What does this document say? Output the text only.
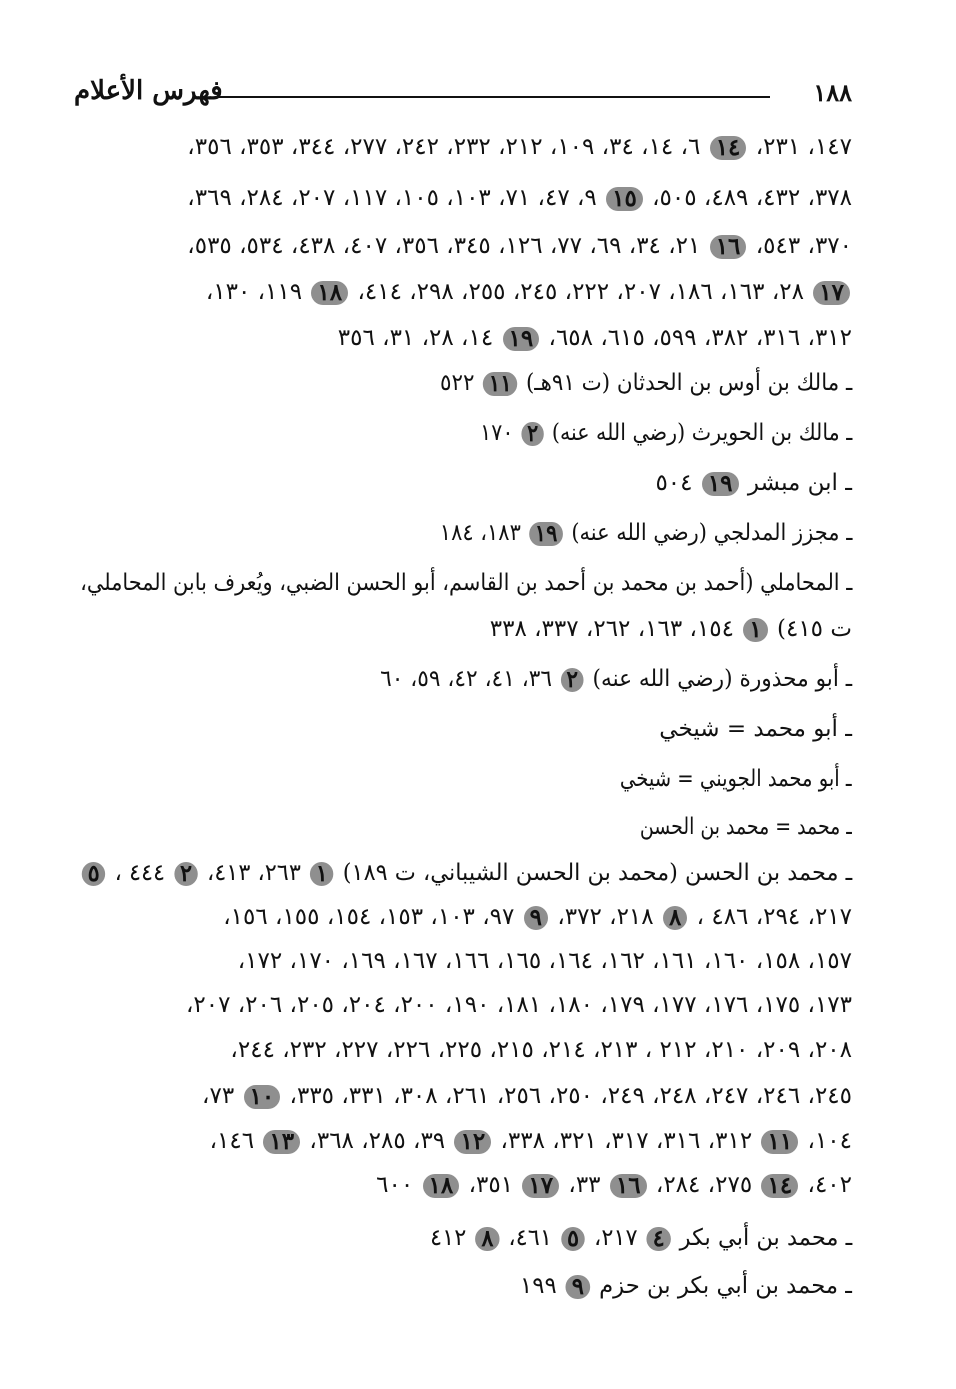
١٨٨
فهرس الأعلام
١٤٧، ٢٣١، ١٤ ٦، ١٤، ٣٤، ١٠٩، ٢١٢، ٢٣٢، ٢٤٢، ٢٧٧، ٣٤٤، ٣٥٣، ٣٥٦،
٣٧٨، ٤٣٢، ٤٨٩، ٥٠٥، ١٥ ٩، ٤٧، ٧١، ١٠٣، ١٠٥، ١١٧، ٢٠٧، ٢٨٤، ٣٦٩،
٣٧٠، ٥٤٣، ١٦ ٢١، ٣٤، ٦٩، ٧٧، ١٢٦، ٣٤٥، ٣٥٦، ٤٠٧، ٤٣٨، ٥٣٤، ٥٣٥،
١٧ ٢٨، ١٦٣، ١٨٦، ٢٠٧، ٢٢٢، ٢٤٥، ٢٥٥، ٢٩٨، ٤١٤، ١٨ ١١٩، ١٣٠،
٣١٢، ٣١٦، ٣٨٢، ٥٩٩، ٦١٥، ٦٥٨، ١٩ ١٤، ٢٨، ٣١، ٣٥٦
ـ مالك بن أوس بن الحدثان (ت ٩١هـ) ١١ ٥٢٢
ـ مالك بن الحويرث (رضي الله عنه) ٢ ١٧٠
ـ ابن مبشر ١٩ ٥٠٤
ـ مجزز المدلجي (رضي الله عنه) ١٩ ١٨٣، ١٨٤
ـ المحاملي (أحمد بن محمد بن أحمد بن القاسم، أبو الحسن الضبي، ويُعرف بابن المحاملي،
ت ٤١٥) ١ ١٥٤، ١٦٣، ٢٦٢، ٣٣٧، ٣٣٨
ـ أبو محذورة (رضي الله عنه) ٢ ٣٦، ٤١، ٤٢، ٥٩، ٦٠
ـ أبو محمد = شيخي
ـ أبو محمد الجويني = شيخي
ـ محمد = محمد بن الحسن
ـ محمد بن الحسن (محمد بن الحسن الشيباني، ت ١٨٩) ١ ٢٦٣، ٤١٣، ٢ ٤٤٤ ، ٥
٢١٧، ٢٩٤، ٤٨٦ ، ٨ ٢١٨، ٣٧٢، ٩ ٩٧، ١٠٣، ١٥٣، ١٥٤، ١٥٥، ١٥٦،
١٥٧، ١٥٨، ١٦٠، ١٦١، ١٦٢، ١٦٤، ١٦٥، ١٦٦، ١٦٧، ١٦٩، ١٧٠، ١٧٢،
١٧٣، ١٧٥، ١٧٦، ١٧٧، ١٧٩، ١٨٠، ١٨١، ١٩٠، ٢٠٠، ٢٠٤، ٢٠٥، ٢٠٦، ٢٠٧،
٢٠٨، ٢٠٩، ٢١٠، ٢١٢ ، ٢١٣، ٢١٤، ٢١٥، ٢٢٥، ٢٢٦، ٢٢٧، ٢٣٢، ٢٤٤،
٢٤٥، ٢٤٦، ٢٤٧، ٢٤٨، ٢٤٩، ٢٥٠، ٢٥٦، ٢٦١، ٣٠٨، ٣٣١، ٣٣٥، ١٠ ٧٣،
١٠٤، ١١ ٣١٢، ٣١٦، ٣١٧، ٣٢١، ٣٣٨، ١٢ ٣٩، ٢٨٥، ٣٦٨، ١٣ ١٤٦،
٤٠٢، ١٤ ٢٧٥، ٢٨٤، ١٦ ٣٣، ١٧ ٣٥١، ١٨ ٦٠٠
ـ محمد بن أبي بكر ٤ ٢١٧، ٥ ٤٦١، ٨ ٤١٢
ـ محمد بن أبي بكر بن حزم ٩ ١٩٩
